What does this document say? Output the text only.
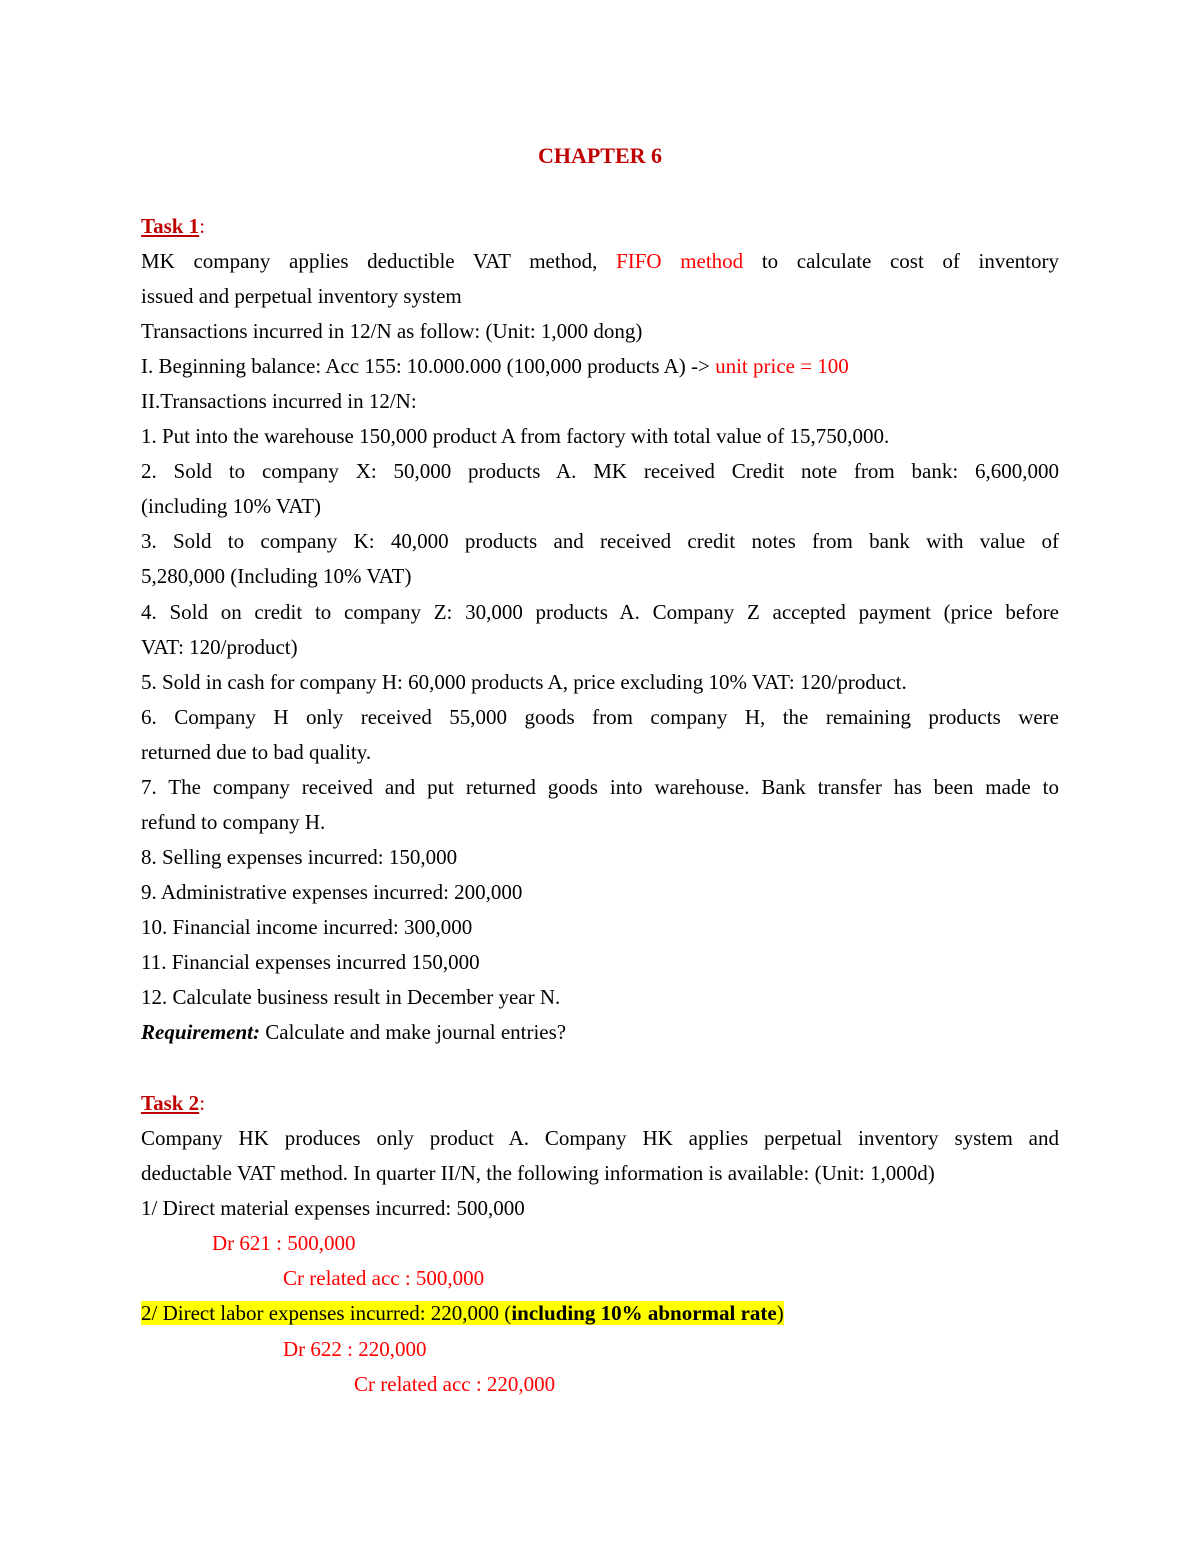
CHAPTER 6
Task 1:
MK company applies deductible VAT method, FIFO method to calculate cost of inventory
issued and perpetual inventory system
Transactions incurred in 12/N as follow: (Unit: 1,000 dong)
I. Beginning balance: Acc 155: 10.000.000 (100,000 products A) -> unit price = 100
II.Transactions incurred in 12/N:
1. Put into the warehouse 150,000 product A from factory with total value of 15,750,000.
2. Sold to company X: 50,000 products A. MK received Credit note from bank: 6,600,000
(including 10% VAT)
3. Sold to company K: 40,000 products and received credit notes from bank with value of
5,280,000 (Including 10% VAT)
4. Sold on credit to company Z: 30,000 products A. Company Z accepted payment (price before
VAT: 120/product)
5. Sold in cash for company H: 60,000 products A, price excluding 10% VAT: 120/product.
6. Company H only received 55,000 goods from company H, the remaining products were
returned due to bad quality.
7. The company received and put returned goods into warehouse. Bank transfer has been made to
refund to company H.
8. Selling expenses incurred: 150,000
9. Administrative expenses incurred: 200,000
10. Financial income incurred: 300,000
11. Financial expenses incurred 150,000
12. Calculate business result in December year N.
Requirement: Calculate and make journal entries?
Task 2:
Company HK produces only product A. Company HK applies perpetual inventory system and
deductable VAT method. In quarter II/N, the following information is available: (Unit: 1,000d)
1/ Direct material expenses incurred: 500,000
Dr 621 : 500,000
Cr related acc : 500,000
2/ Direct labor expenses incurred: 220,000 (including 10% abnormal rate)
Dr 622 : 220,000
Cr related acc : 220,000
